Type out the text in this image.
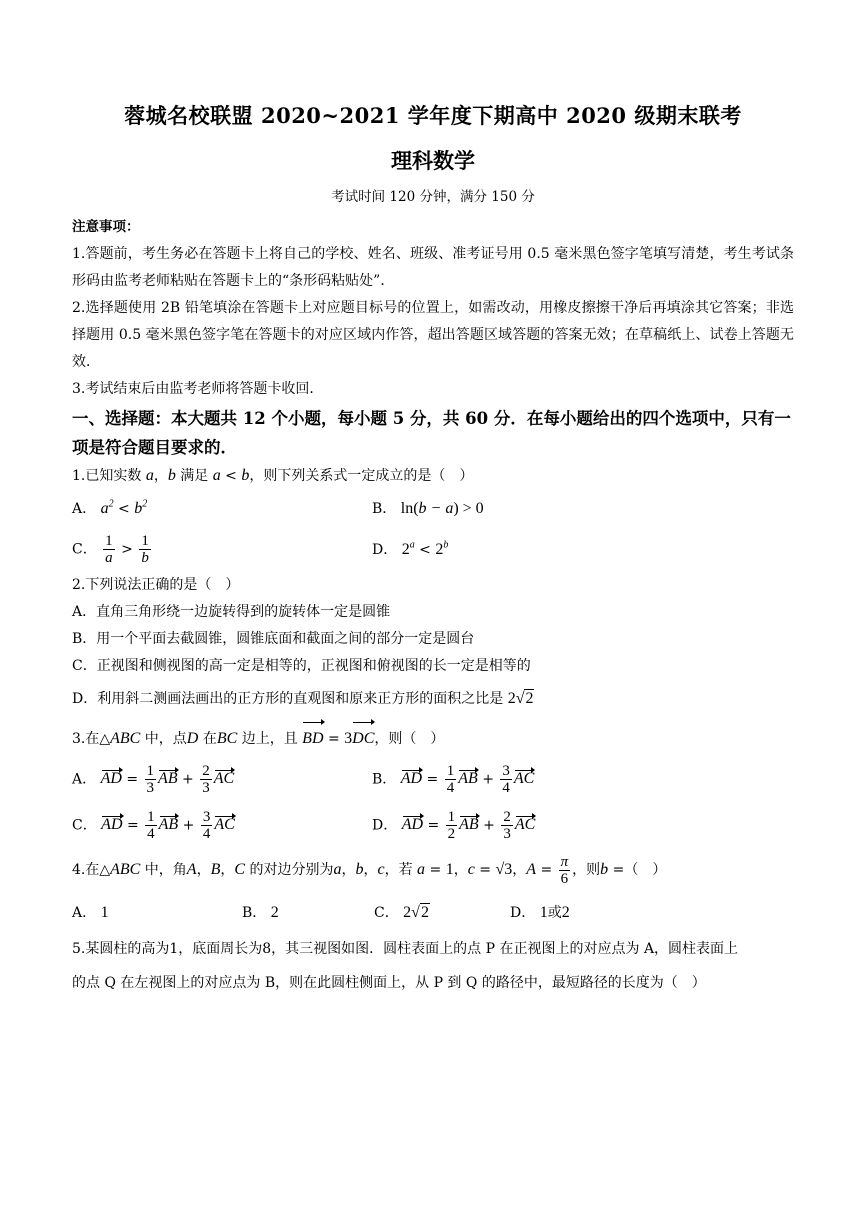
蓉城名校联盟 2020~2021 学年度下期高中 2020 级期末联考
理科数学
考试时间 120 分钟，满分 150 分
注意事项：

1.答题前，考生务必在答题卡上将自己的学校、姓名、班级、准考证号用 0.5 毫米黑色签字笔填写清楚，考生考试条形码由监考老师粘贴在答题卡上的“条形码粘贴处”．

2.选择题使用 2B 铅笔填涂在答题卡上对应题目标号的位置上，如需改动，用橡皮擦擦干净后再填涂其它答案；非选择题用 0.5 毫米黑色签字笔在答题卡的对应区域内作答，超出答题区域答题的答案无效；在草稿纸上、试卷上答题无效．

3.考试结束后由监考老师将答题卡收回．

一、选择题：本大题共 12 个小题，每小题 5 分，共 60 分．在每小题给出的四个选项中，只有一项是符合题目要求的．

1.已知实数 a，b 满足 a < b，则下列关系式一定成立的是（　）

A． $a^2 < b^2$	B． ln(b − a) > 0
C． $\frac{1}{a} > \frac{1}{b}$	D． $2^a < 2^b$

2.下列说法正确的是（　）

A．直角三角形绕一边旋转得到的旋转体一定是圆锥

B．用一个平面去截圆锥，圆锥底面和截面之间的部分一定是圆台

C．正视图和侧视图的高一定是相等的，正视图和俯视图的长一定是相等的

D．利用斜二测画法画出的正方形的直观图和原来正方形的面积之比是 2√2

3.在△ABC 中，点D 在BC 边上，且 BD = 3DC，则（　）

A． AD = $\frac{1}{3}$ AB + $\frac{2}{3}$ AC	B． AD = $\frac{1}{4}$ AB + $\frac{3}{4}$ AC
C． AD = $\frac{1}{4}$ AB + $\frac{3}{4}$ AC	D． AD = $\frac{1}{2}$ AB + $\frac{2}{3}$ AC

4.在△ABC 中，角A，B，C 的对边分别为a，b，c，若 a = 1，c = √3，$A = \frac{\pi}{6}$ ，则b =（　）

A． 1	B． 2	C． 2√2	D． 1或2

5.某圆柱的高为1，底面周长为8，其三视图如图．圆柱表面上的点 P 在正视图上的对应点为 A，圆柱表面上

的点 Q 在左视图上的对应点为 B，则在此圆柱侧面上，从 P 到 Q 的路径中，最短路径的长度为（　）
